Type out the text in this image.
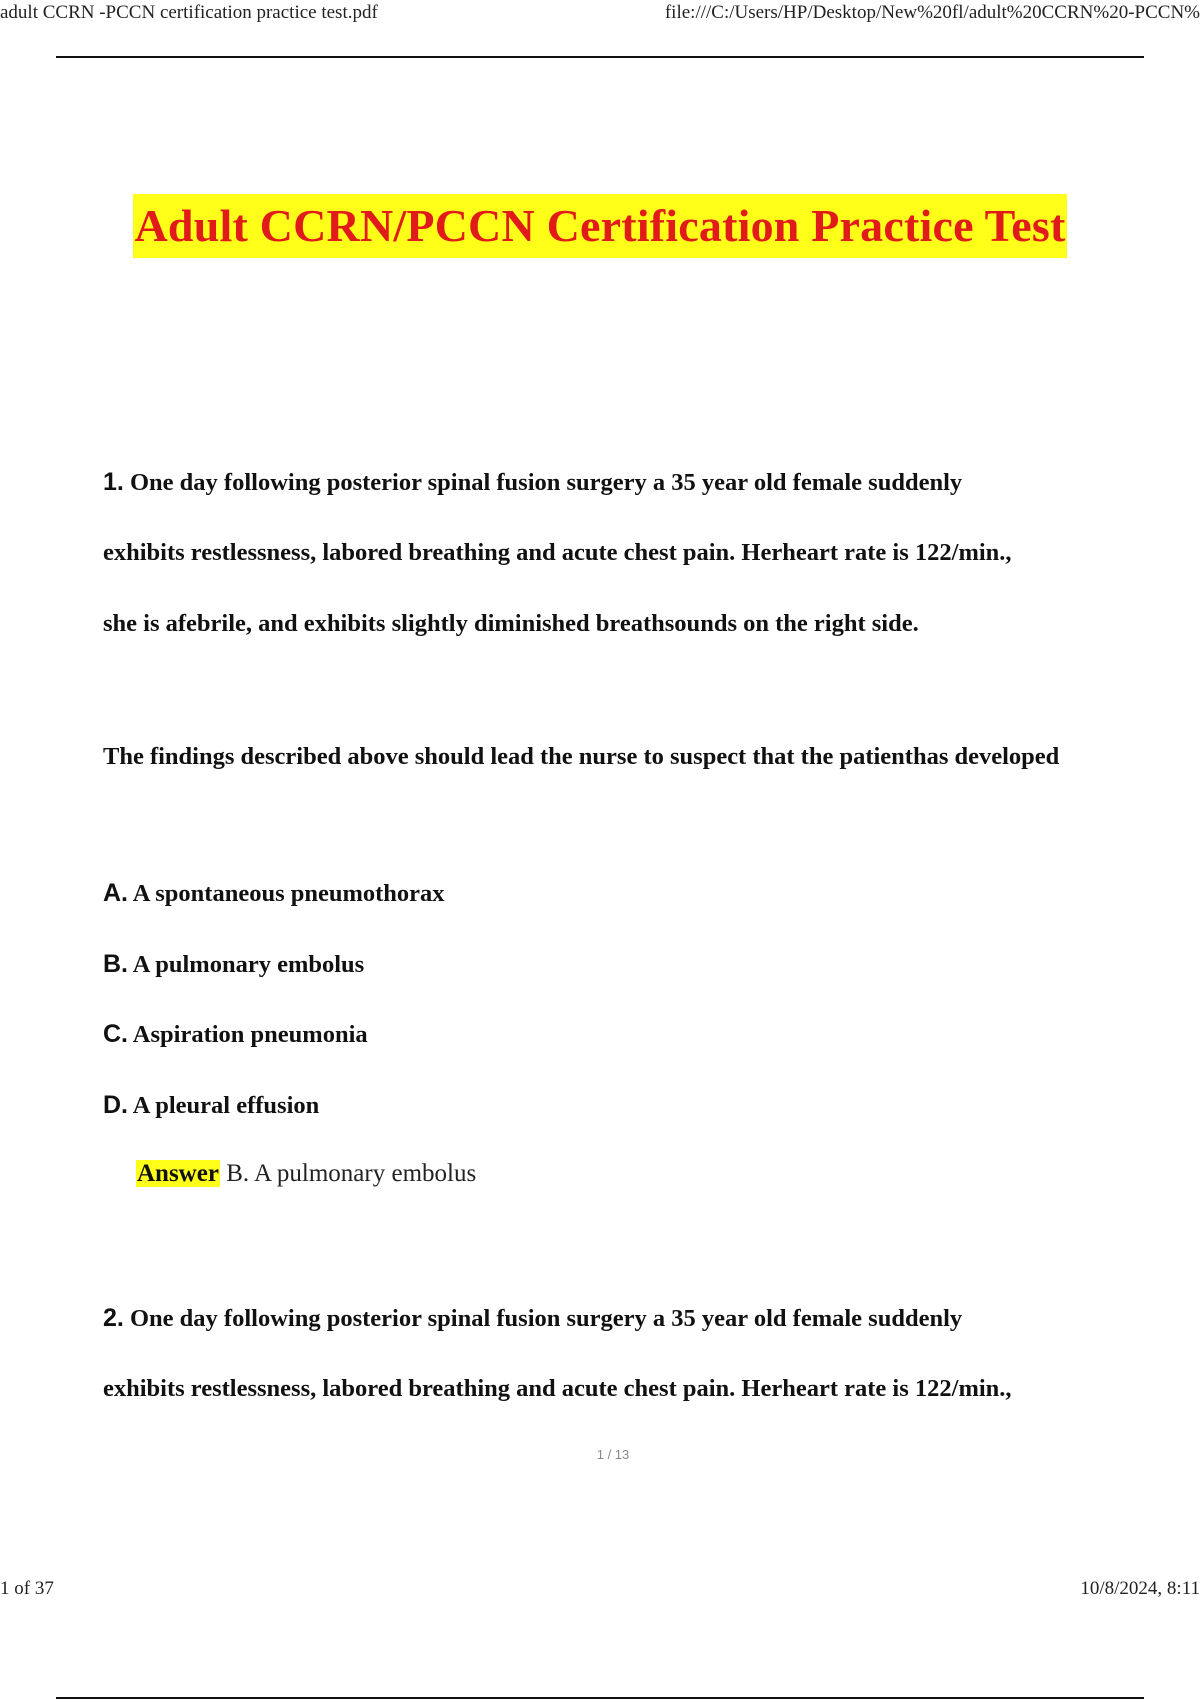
adult CCRN -PCCN certification practice test.pdf	file:///C:/Users/HP/Desktop/New%20fl/adult%20CCRN%20-PCCN%
Adult CCRN/PCCN Certification Practice Test
1. One day following posterior spinal fusion surgery a 35 year old female suddenly
exhibits restlessness, labored breathing and acute chest pain. Herheart rate is 122/min.,
she is afebrile, and exhibits slightly diminished breathsounds on the right side.
The findings described above should lead the nurse to suspect that the patienthas developed
A. A spontaneous pneumothorax
B. A pulmonary embolus
C. Aspiration pneumonia
D. A pleural effusion
Answer B. A pulmonary embolus
2. One day following posterior spinal fusion surgery a 35 year old female suddenly
exhibits restlessness, labored breathing and acute chest pain. Herheart rate is 122/min.,
1 / 13
1 of 37	10/8/2024, 8:11
